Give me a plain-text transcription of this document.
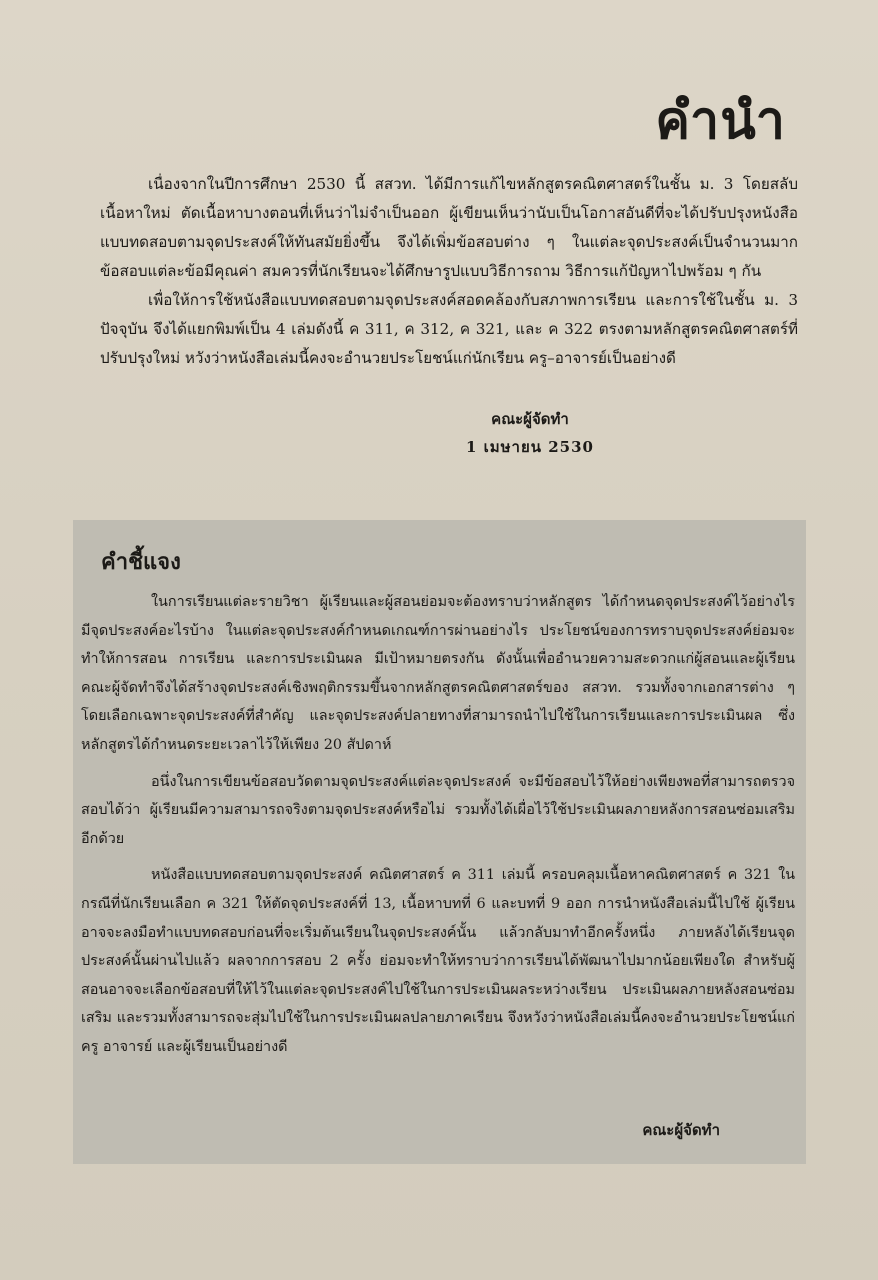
คำนำ

เนื่องจากในปีการศึกษา 2530 นี้ สสวท. ได้มีการแก้ไขหลักสูตรคณิตศาสตร์ในชั้น ม. 3 โดยสลับเนื้อหาใหม่ ตัดเนื้อหาบางตอนที่เห็นว่าไม่จำเป็นออก ผู้เขียนเห็นว่านับเป็นโอกาสอันดีที่จะได้ปรับปรุงหนังสือแบบทดสอบตามจุดประสงค์ให้ทันสมัยยิ่งขึ้น จึงได้เพิ่มข้อสอบต่าง ๆ ในแต่ละจุดประสงค์เป็นจำนวนมาก ข้อสอบแต่ละข้อมีคุณค่า สมควรที่นักเรียนจะได้ศึกษารูปแบบวิธีการถาม วิธีการแก้ปัญหาไปพร้อม ๆ กัน

เพื่อให้การใช้หนังสือแบบทดสอบตามจุดประสงค์สอดคล้องกับสภาพการเรียน และการใช้ในชั้น ม. 3 ปัจจุบัน จึงได้แยกพิมพ์เป็น 4 เล่มดังนี้ ค 311, ค 312, ค 321, และ ค 322 ตรงตามหลักสูตรคณิตศาสตร์ที่ปรับปรุงใหม่ หวังว่าหนังสือเล่มนี้คงจะอำนวยประโยชน์แก่นักเรียน ครู–อาจารย์เป็นอย่างดี

คณะผู้จัดทำ
1 เมษายน 2530
คำชี้แจง

ในการเรียนแต่ละรายวิชา ผู้เรียนและผู้สอนย่อมจะต้องทราบว่าหลักสูตร ได้กำหนดจุดประสงค์ไว้อย่างไร มีจุดประสงค์อะไรบ้าง ในแต่ละจุดประสงค์กำหนดเกณฑ์การผ่านอย่างไร ประโยชน์ของการทราบจุดประสงค์ย่อมจะทำให้การสอน การเรียน และการประเมินผล มีเป้าหมายตรงกัน ดังนั้นเพื่ออำนวยความสะดวกแก่ผู้สอนและผู้เรียน คณะผู้จัดทำจึงได้สร้างจุดประสงค์เชิงพฤติกรรมขึ้นจากหลักสูตรคณิตศาสตร์ของ สสวท. รวมทั้งจากเอกสารต่าง ๆ โดยเลือกเฉพาะจุดประสงค์ที่สำคัญ และจุดประสงค์ปลายทางที่สามารถนำไปใช้ในการเรียนและการประเมินผล ซึ่งหลักสูตรได้กำหนดระยะเวลาไว้ให้เพียง 20 สัปดาห์

อนึ่งในการเขียนข้อสอบวัดตามจุดประสงค์แต่ละจุดประสงค์ จะมีข้อสอบไว้ให้อย่างเพียงพอที่สามารถตรวจสอบได้ว่า ผู้เรียนมีความสามารถจริงตามจุดประสงค์หรือไม่ รวมทั้งได้เผื่อไว้ใช้ประเมินผลภายหลังการสอนซ่อมเสริมอีกด้วย

หนังสือแบบทดสอบตามจุดประสงค์ คณิตศาสตร์ ค 311 เล่มนี้ ครอบคลุมเนื้อหาคณิตศาสตร์ ค 321 ในกรณีที่นักเรียนเลือก ค 321 ให้ตัดจุดประสงค์ที่ 13, เนื้อหาบทที่ 6 และบทที่ 9 ออก การนำหนังสือเล่มนี้ไปใช้ ผู้เรียนอาจจะลงมือทำแบบทดสอบก่อนที่จะเริ่มต้นเรียนในจุดประสงค์นั้น แล้วกลับมาทำอีกครั้งหนึ่ง ภายหลังได้เรียนจุดประสงค์นั้นผ่านไปแล้ว ผลจากการสอบ 2 ครั้ง ย่อมจะทำให้ทราบว่าการเรียนได้พัฒนาไปมากน้อยเพียงใด สำหรับผู้สอนอาจจะเลือกข้อสอบที่ให้ไว้ในแต่ละจุดประสงค์ไปใช้ในการประเมินผลระหว่างเรียน ประเมินผลภายหลังสอนซ่อมเสริม และรวมทั้งสามารถจะสุ่มไปใช้ในการประเมินผลปลายภาคเรียน จึงหวังว่าหนังสือเล่มนี้คงจะอำนวยประโยชน์แก่ครู อาจารย์ และผู้เรียนเป็นอย่างดี

คณะผู้จัดทำ
